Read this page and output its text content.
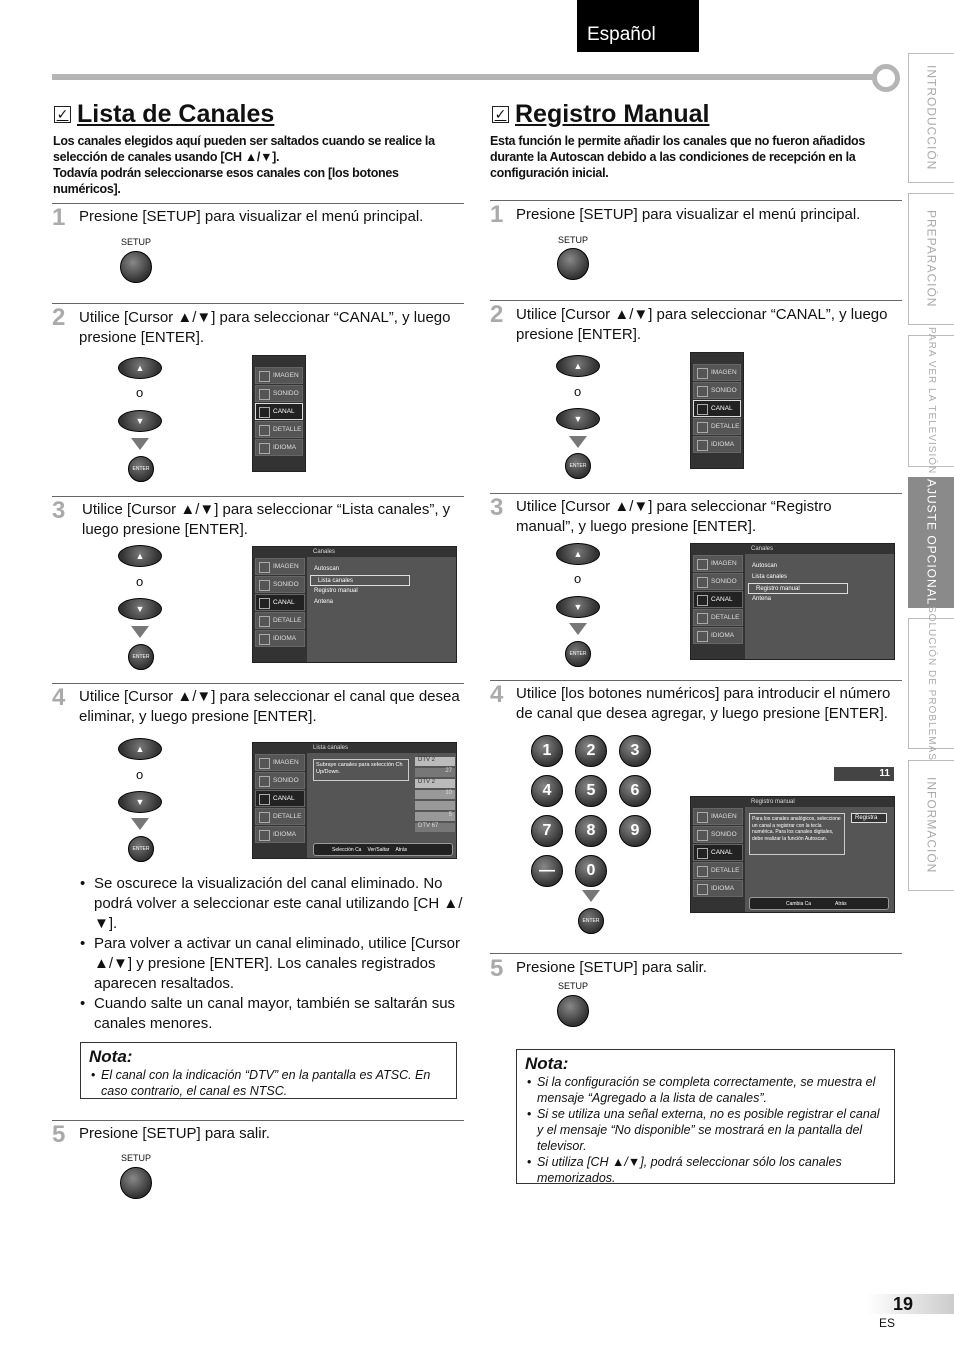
Español
INTRODUCCIÓN
PREPARACIÓN
PARA VER LA TELEVISIÓN
AJUSTE OPCIONAL
SOLUCIÓN DE PROBLEMAS
INFORMACIÓN
✓ Lista de Canales
Los canales elegidos aquí pueden ser saltados cuando se realice la selección de canales usando [CH ▲/▼].
Todavía podrán seleccionarse esos canales con [los botones numéricos].
1 Presione [SETUP] para visualizar el menú principal.
SETUP
2 Utilice [Cursor ▲/▼] para seleccionar “CANAL”, y luego presione [ENTER].
▲
o
▼
ENTER
IMAGEN
SONIDO
CANAL
DETALLE
IDIOMA
3 Utilice [Cursor ▲/▼] para seleccionar “Lista canales”, y luego presione [ENTER].
▲
o
▼
ENTER
IMAGEN
SONIDO
CANAL
DETALLE
IDIOMA
Canales
Autoscan
Lista canales
Registro manual
Antena
4 Utilice [Cursor ▲/▼] para seleccionar el canal que desea eliminar, y luego presione [ENTER].
▲
o
▼
ENTER
IMAGEN
SONIDO
CANAL
DETALLE
IDIOMA
Lista canales
Subraye canales para selección Ch Up/Down.
DTV 2
27
DTV 2
10
5
DTV 67
Selección Ca Ver/Saltar Atrás
• Se oscurece la visualización del canal eliminado. No podrá volver a seleccionar este canal utilizando [CH ▲/▼].
• Para volver a activar un canal eliminado, utilice [Cursor ▲/▼] y presione [ENTER]. Los canales registrados aparecen resaltados.
• Cuando salte un canal mayor, también se saltarán sus canales menores.
Nota:
• El canal con la indicación “DTV” en la pantalla es ATSC. En caso contrario, el canal es NTSC.
5 Presione [SETUP] para salir.
SETUP
✓ Registro Manual
Esta función le permite añadir los canales que no fueron añadidos durante la Autoscan debido a las condiciones de recepción en la configuración inicial.
1 Presione [SETUP] para visualizar el menú principal.
SETUP
2 Utilice [Cursor ▲/▼] para seleccionar “CANAL”, y luego presione [ENTER].
▲
o
▼
ENTER
IMAGEN
SONIDO
CANAL
DETALLE
IDIOMA
3 Utilice [Cursor ▲/▼] para seleccionar “Registro manual”, y luego presione [ENTER].
▲
o
▼
ENTER
IMAGEN
SONIDO
CANAL
DETALLE
IDIOMA
Canales
Autoscan
Lista canales
Registro manual
Antena
4 Utilice [los botones numéricos] para introducir el número de canal que desea agregar, y luego presione [ENTER].
1	2	3
4	5	6
7	8	9
—	0
ENTER
11
IMAGEN
SONIDO
CANAL
DETALLE
IDIOMA
Registro manual
Para los canales analógicos, seleccione un canal a registrar con la tecla numérica. Para los canales digitales, debe realizar la función Autoscan.
Registra
Cambia Ca	Atrás
5 Presione [SETUP] para salir.
SETUP
Nota:
• Si la configuración se completa correctamente, se muestra el mensaje “Agregado a la lista de canales”.
• Si se utiliza una señal externa, no es posible registrar el canal y el mensaje “No disponible” se mostrará en la pantalla del televisor.
• Si utiliza [CH ▲/▼], podrá seleccionar sólo los canales memorizados.
19
ES
